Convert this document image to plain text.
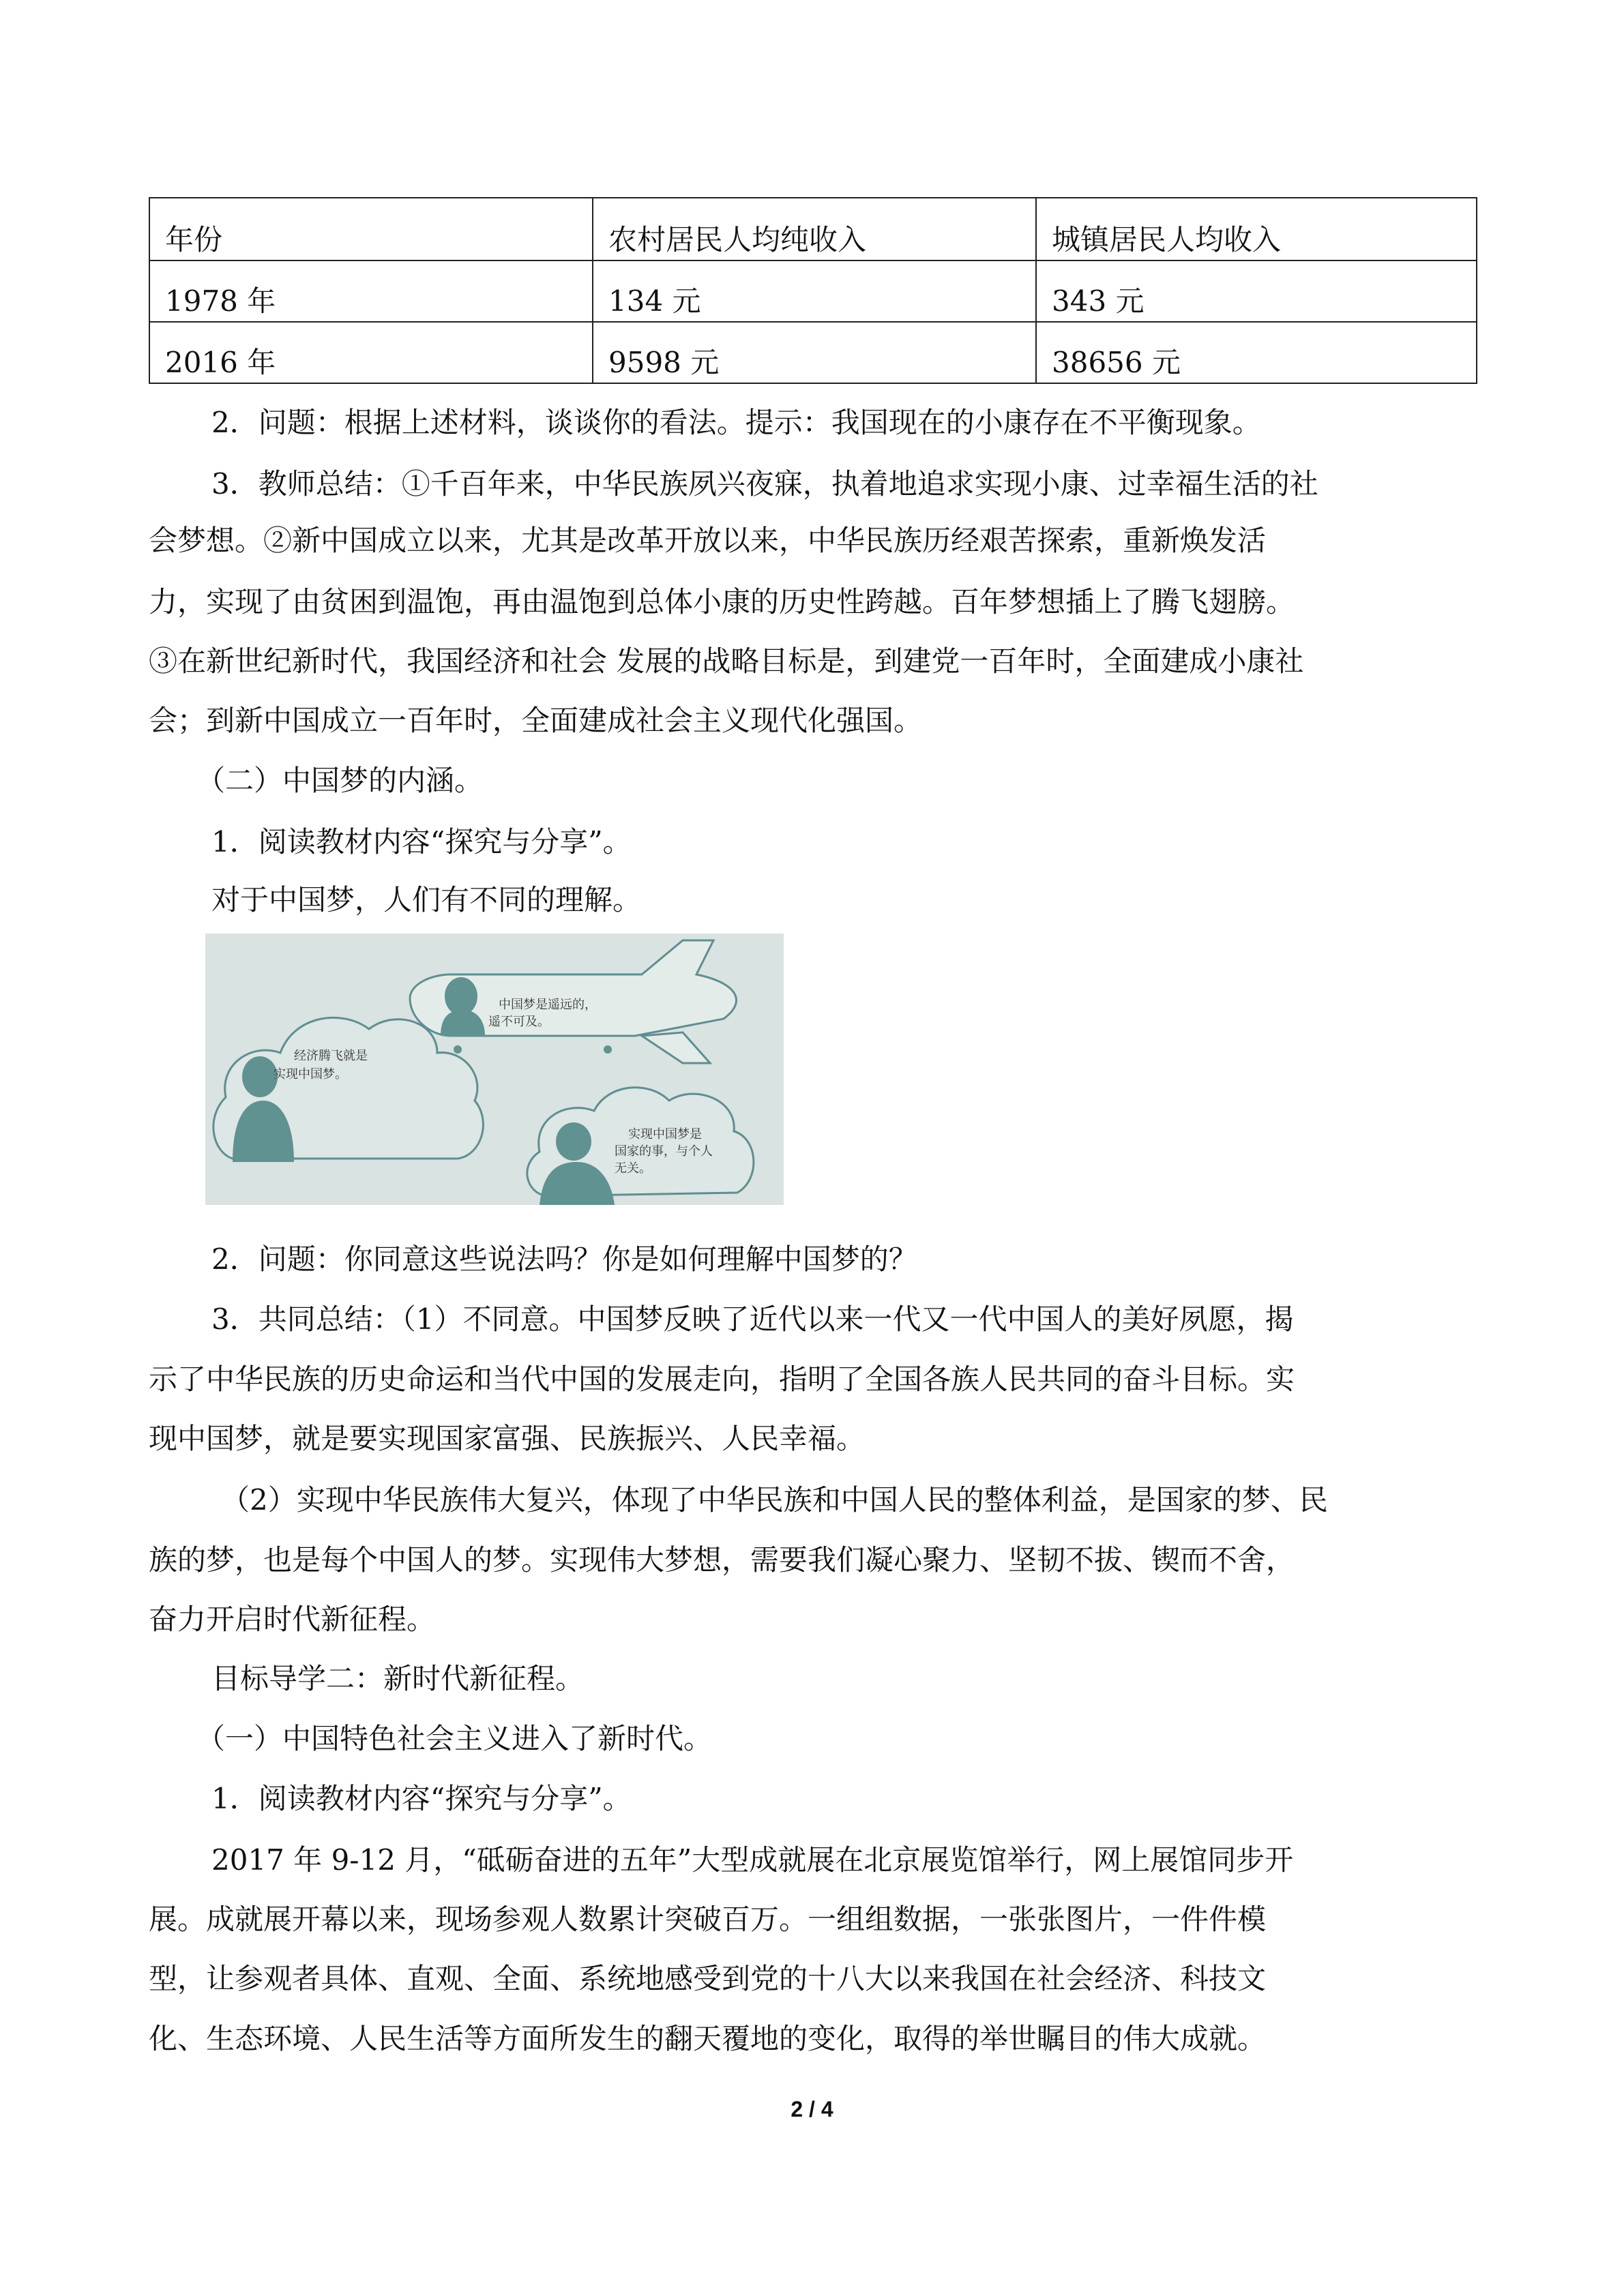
年份	农村居民人均纯收入	城镇居民人均收入
1978 年	134 元	343 元
2016 年	9598 元	38656 元

2．问题：根据上述材料，谈谈你的看法。提示：我国现在的小康存在不平衡现象。

3．教师总结：①千百年来，中华民族夙兴夜寐，执着地追求实现小康、过幸福生活的社

会梦想。②新中国成立以来，尤其是改革开放以来，中华民族历经艰苦探索，重新焕发活

力，实现了由贫困到温饱，再由温饱到总体小康的历史性跨越。百年梦想插上了腾飞翅膀。

③在新世纪新时代，我国经济和社会 发展的战略目标是，到建党一百年时，全面建成小康社

会；到新中国成立一百年时，全面建成社会主义现代化强国。

（二）中国梦的内涵。

1．阅读教材内容“探究与分享”。

对于中国梦，人们有不同的理解。

经济腾飞就是
实现中国梦。
中国梦是遥远的，
遥不可及。
实现中国梦是
国家的事，与个人
无关。

2．问题：你同意这些说法吗？你是如何理解中国梦的？

3．共同总结：（1）不同意。中国梦反映了近代以来一代又一代中国人的美好夙愿，揭

示了中华民族的历史命运和当代中国的发展走向，指明了全国各族人民共同的奋斗目标。实

现中国梦，就是要实现国家富强、民族振兴、人民幸福。

（2）实现中华民族伟大复兴，体现了中华民族和中国人民的整体利益，是国家的梦、民

族的梦，也是每个中国人的梦。实现伟大梦想，需要我们凝心聚力、坚韧不拔、锲而不舍，

奋力开启时代新征程。

目标导学二：新时代新征程。

（一）中国特色社会主义进入了新时代。

1．阅读教材内容“探究与分享”。

2017 年 9-12 月，“砥砺奋进的五年”大型成就展在北京展览馆举行，网上展馆同步开

展。成就展开幕以来，现场参观人数累计突破百万。一组组数据，一张张图片，一件件模

型，让参观者具体、直观、全面、系统地感受到党的十八大以来我国在社会经济、科技文

化、生态环境、人民生活等方面所发生的翻天覆地的变化，取得的举世瞩目的伟大成就。

2 / 4
